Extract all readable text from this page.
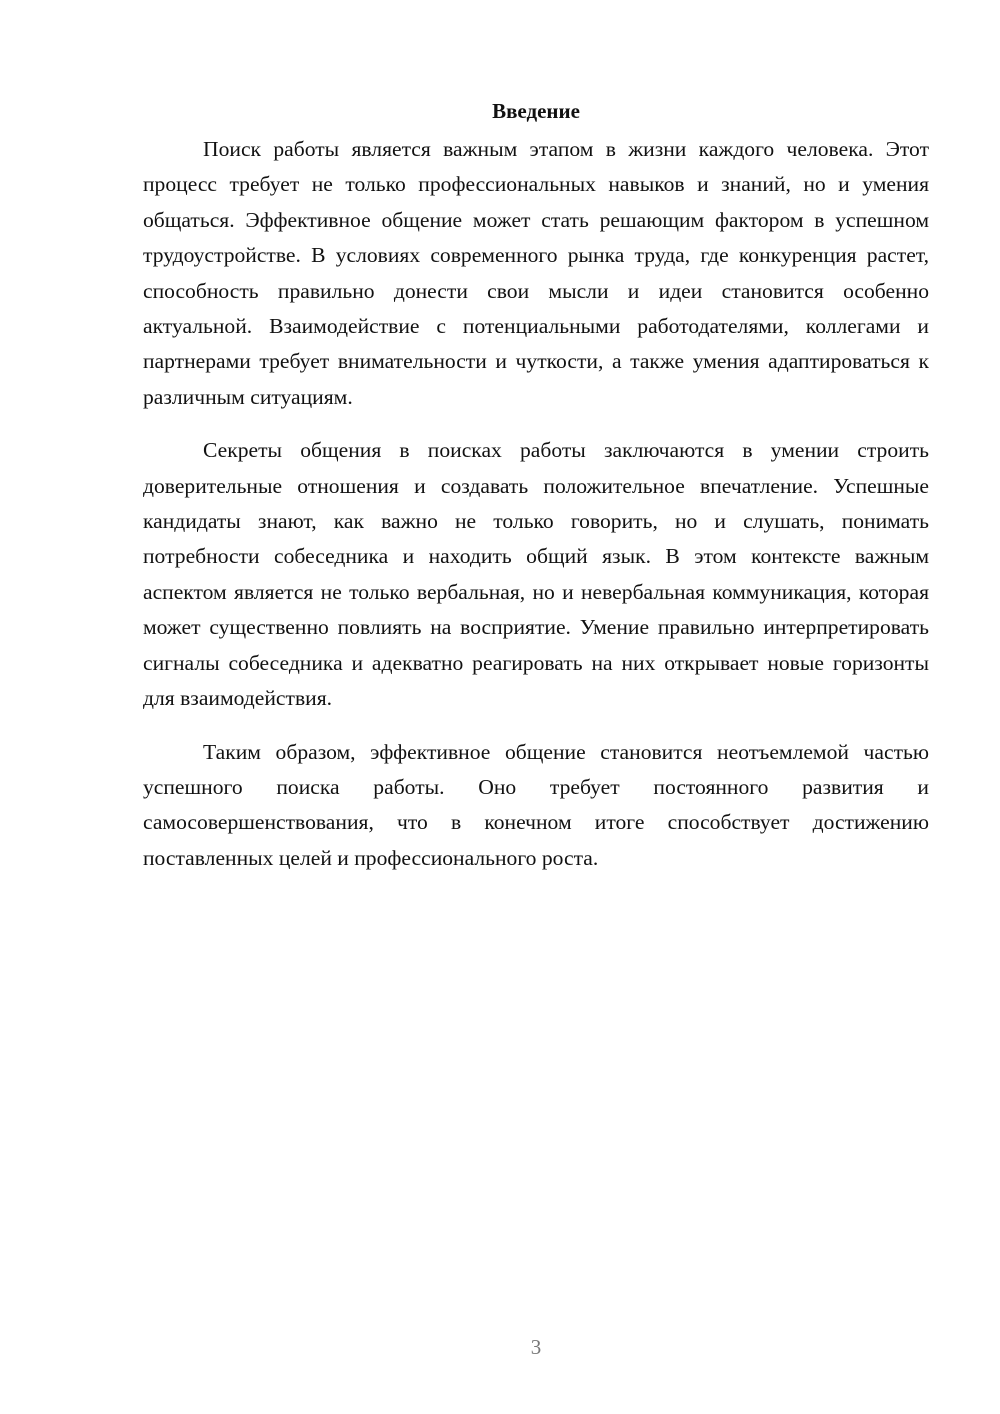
Введение

Поиск работы является важным этапом в жизни каждого человека. Этот процесс требует не только профессиональных навыков и знаний, но и умения общаться. Эффективное общение может стать решающим фактором в успешном трудоустройстве. В условиях современного рынка труда, где конкуренция растет, способность правильно донести свои мысли и идеи становится особенно актуальной. Взаимодействие с потенциальными работодателями, коллегами и партнерами требует внимательности и чуткости, а также умения адаптироваться к различным ситуациям.

Секреты общения в поисках работы заключаются в умении строить доверительные отношения и создавать положительное впечатление. Успешные кандидаты знают, как важно не только говорить, но и слушать, понимать потребности собеседника и находить общий язык. В этом контексте важным аспектом является не только вербальная, но и невербальная коммуникация, которая может существенно повлиять на восприятие. Умение правильно интерпретировать сигналы собеседника и адекватно реагировать на них открывает новые горизонты для взаимодействия.

Таким образом, эффективное общение становится неотъемлемой частью успешного поиска работы. Оно требует постоянного развития и самосовершенствования, что в конечном итоге способствует достижению поставленных целей и профессионального роста.

3
